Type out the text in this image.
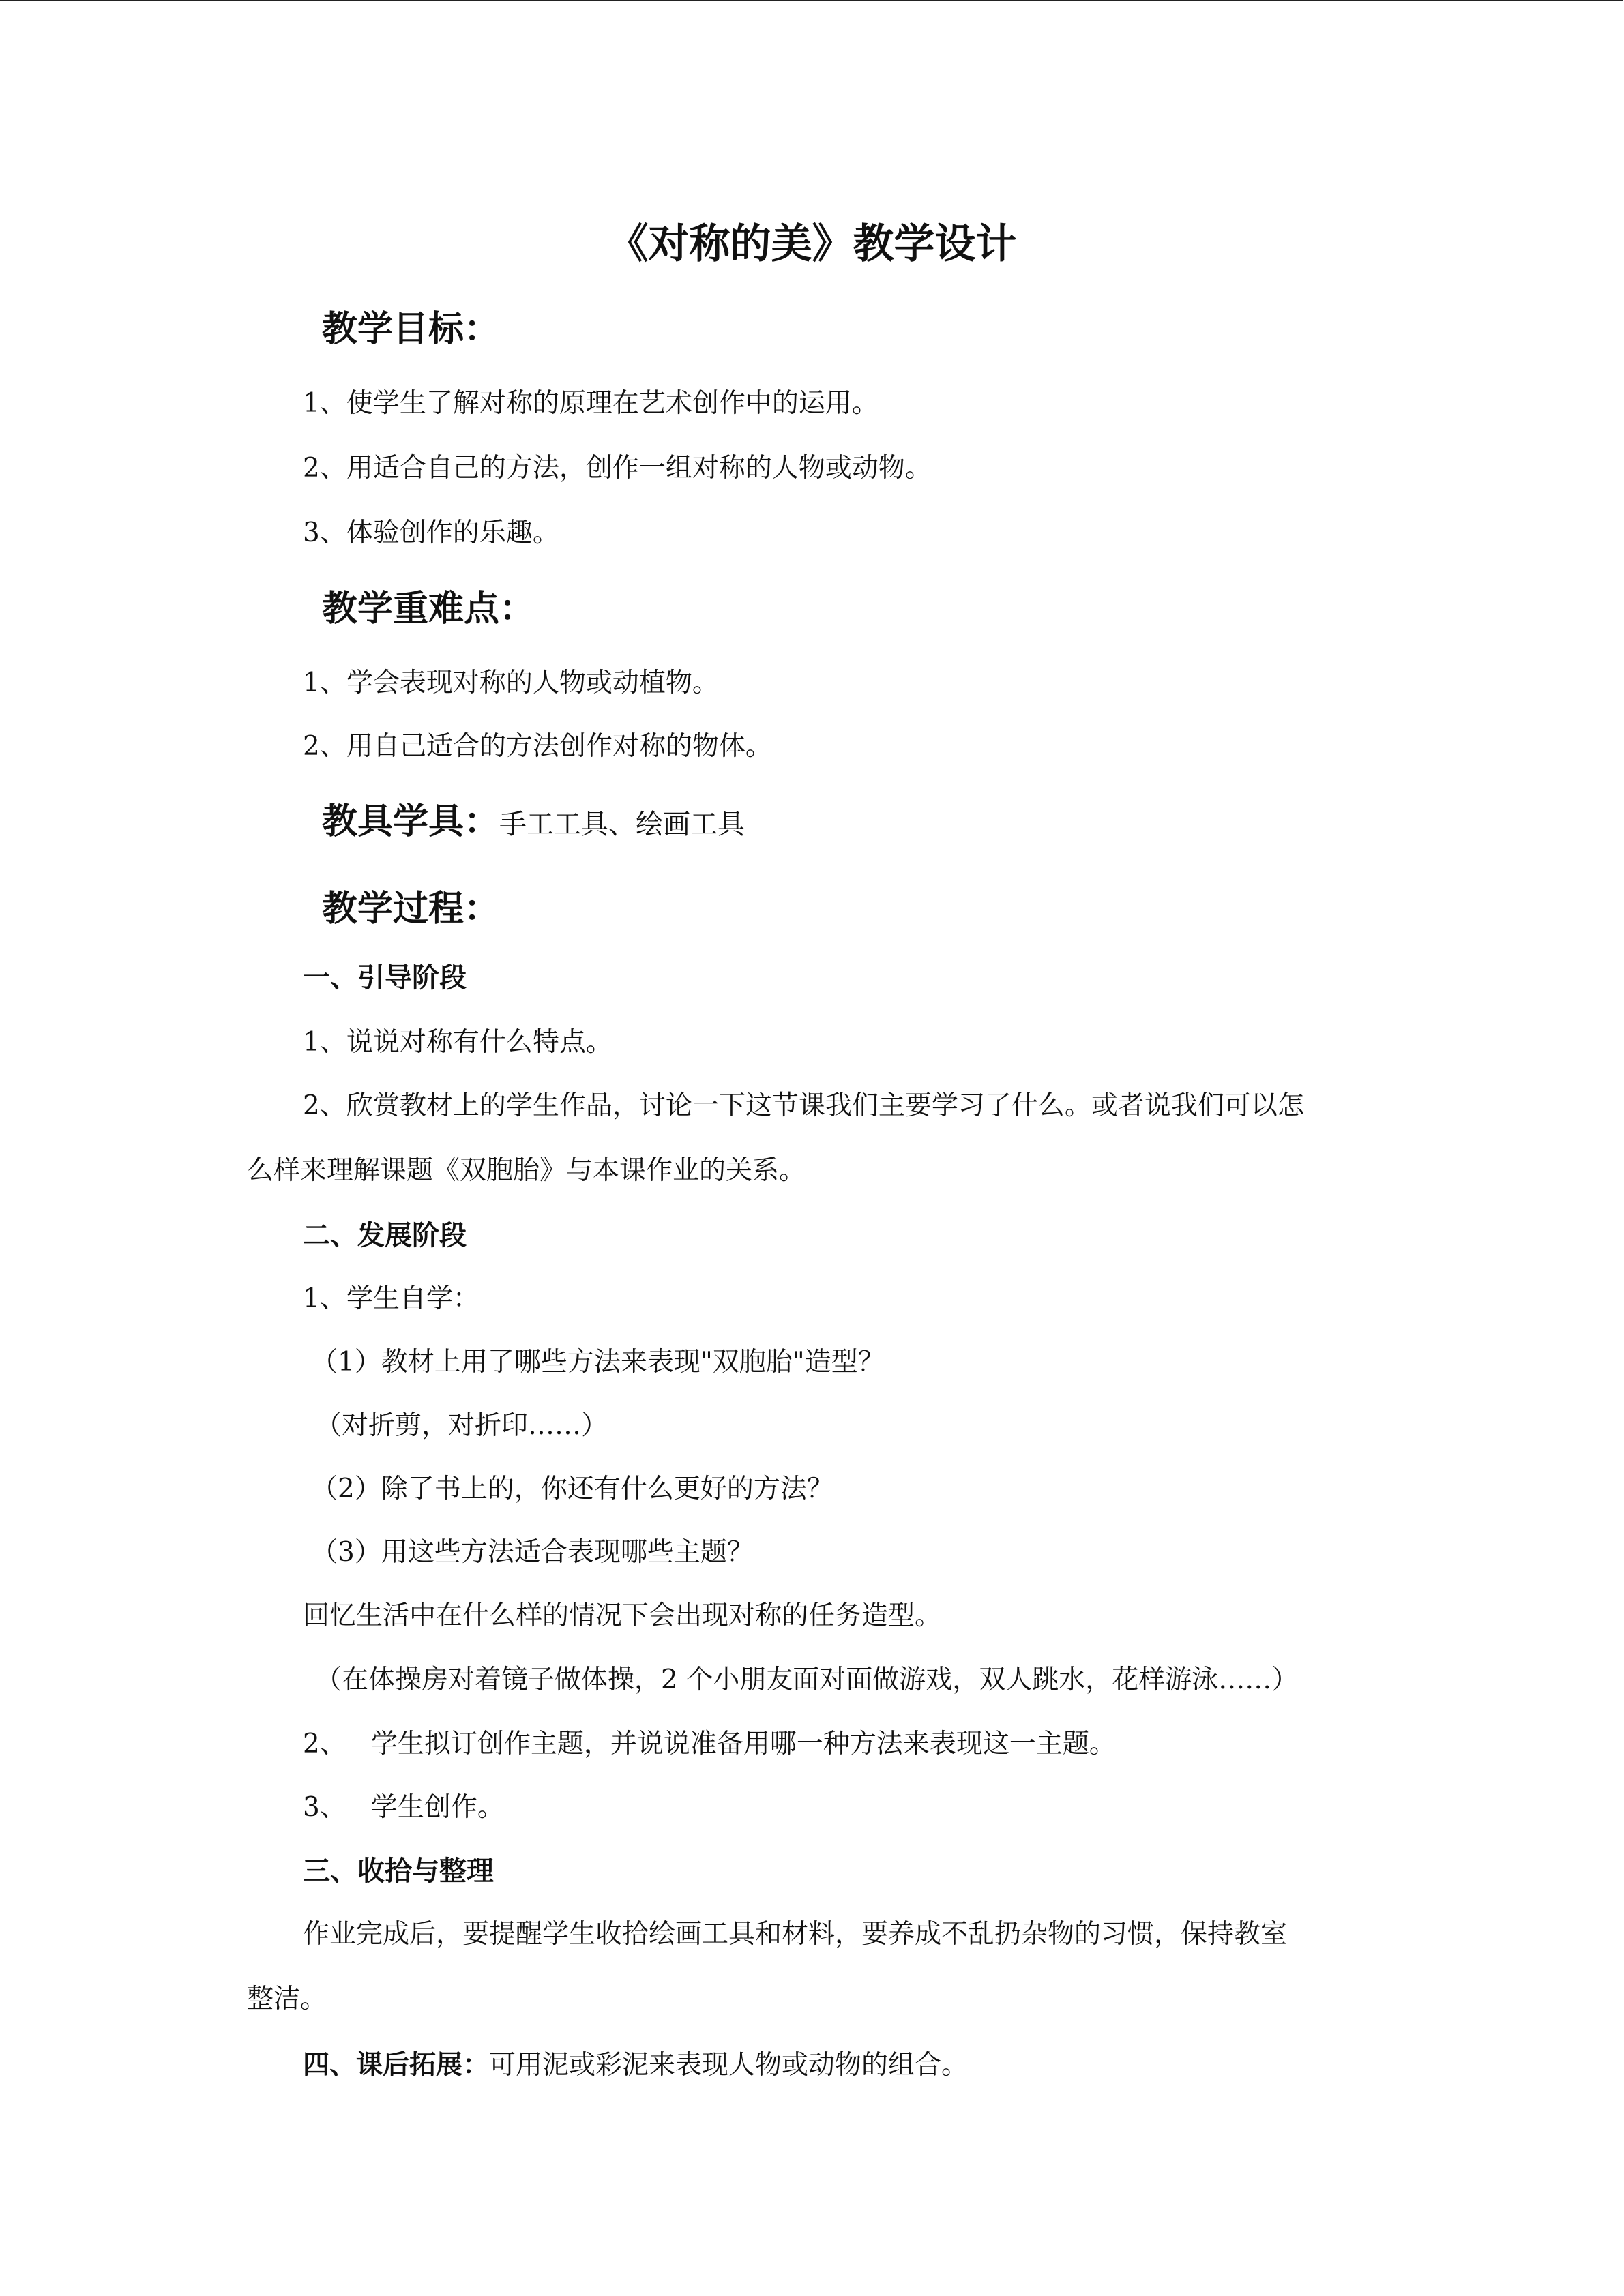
《对称的美》教学设计
教学目标：
1、使学生了解对称的原理在艺术创作中的运用。
2、用适合自己的方法，创作一组对称的人物或动物。
3、体验创作的乐趣。
教学重难点：
1、学会表现对称的人物或动植物。
2、用自己适合的方法创作对称的物体。
教具学具：手工工具、绘画工具
教学过程：
一、引导阶段
1、说说对称有什么特点。
2、欣赏教材上的学生作品，讨论一下这节课我们主要学习了什么。或者说我们可以怎
么样来理解课题《双胞胎》与本课作业的关系。
二、发展阶段
1、学生自学：
（1）教材上用了哪些方法来表现"双胞胎"造型？
（对折剪，对折印……）
（2）除了书上的，你还有什么更好的方法？
（3）用这些方法适合表现哪些主题？
回忆生活中在什么样的情况下会出现对称的任务造型。
（在体操房对着镜子做体操，2 个小朋友面对面做游戏，双人跳水，花样游泳……）
2、 学生拟订创作主题，并说说准备用哪一种方法来表现这一主题。
3、 学生创作。
三、收拾与整理
作业完成后，要提醒学生收拾绘画工具和材料，要养成不乱扔杂物的习惯，保持教室
整洁。
四、课后拓展：可用泥或彩泥来表现人物或动物的组合。
